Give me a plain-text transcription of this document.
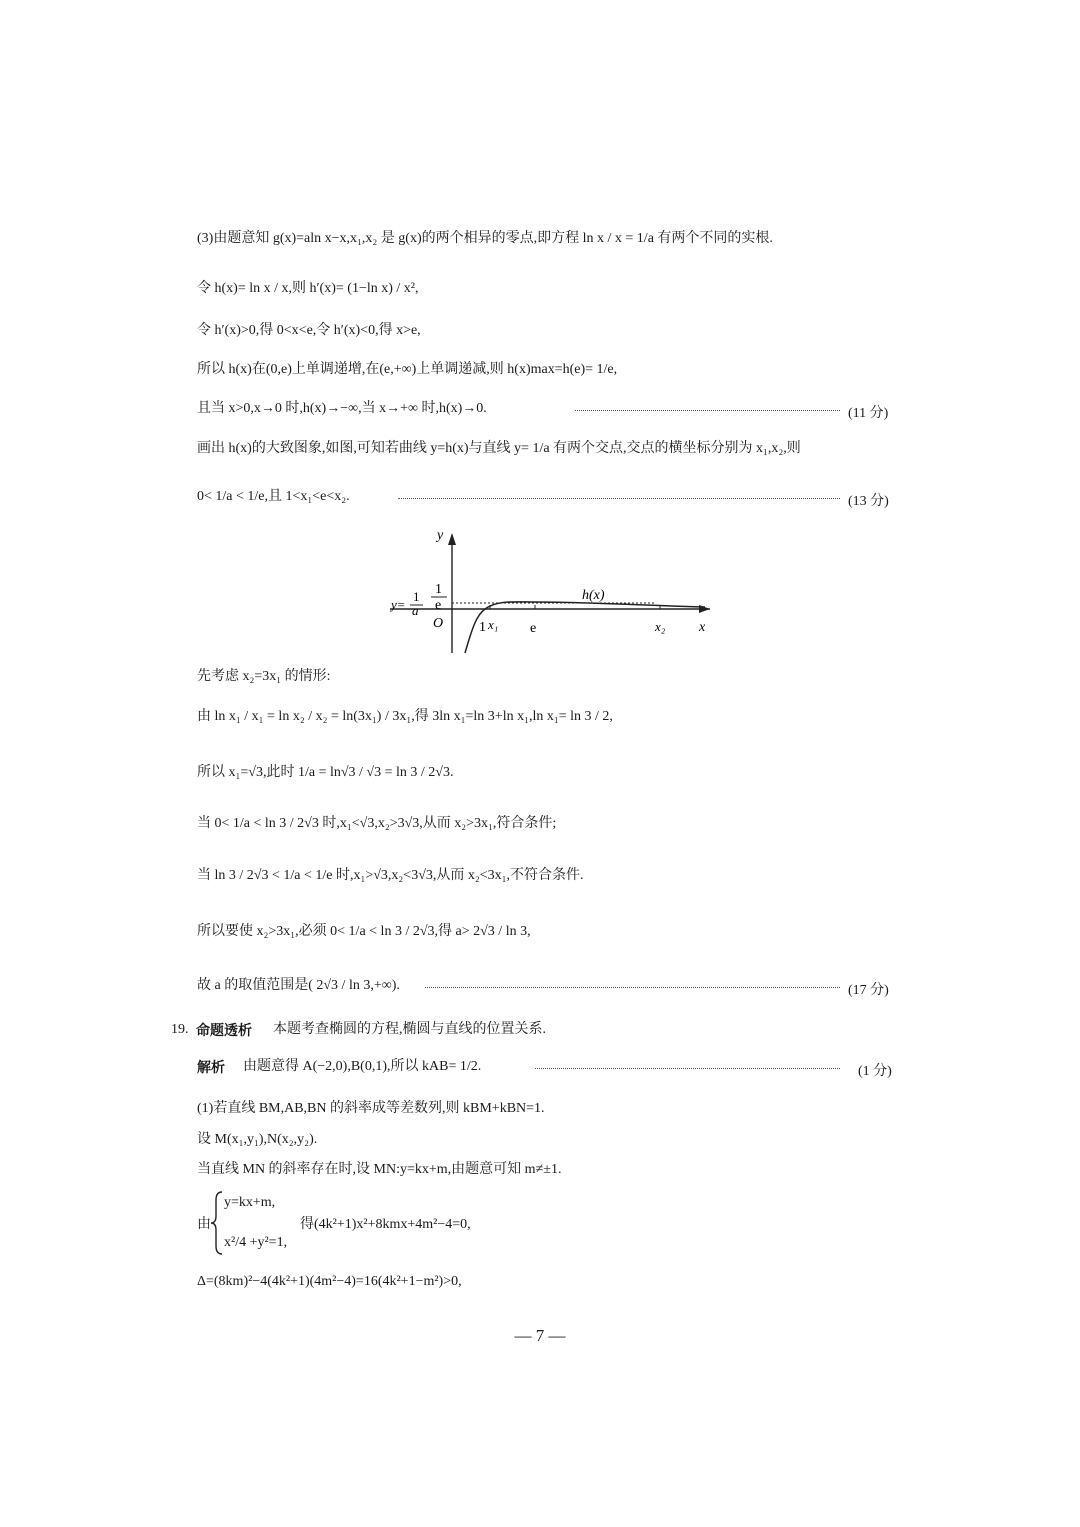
(3)由题意知 g(x)=aln x−x,x₁,x₂ 是 g(x)的两个相异的零点,即方程 ln x / x = 1/a 有两个不同的实根.
令 h(x)= ln x / x,则 h′(x)= (1−ln x) / x²,
令 h′(x)>0,得 0<x<e,令 h′(x)<0,得 x>e,
所以 h(x)在(0,e)上单调递增,在(e,+∞)上单调递减,则 h(x)max=h(e)= 1/e,
且当 x>0,x→0 时,h(x)→−∞,当 x→+∞ 时,h(x)→0.	(11 分)
画出 h(x)的大致图象,如图,可知若曲线 y=h(x)与直线 y= 1/a 有两个交点,交点的横坐标分别为 x₁,x₂,则
0< 1/a < 1/e,且 1<x₁<e<x₂.	(13 分)
y
x
O	1 x₁ e	x₂
h(x)
1
e
y=
1
a
先考虑 x₂=3x₁ 的情形:
由 ln x₁ / x₁ = ln x₂ / x₂ = ln(3x₁) / 3x₁,得 3ln x₁=ln 3+ln x₁,ln x₁= ln 3 / 2,
所以 x₁=√3,此时 1/a = ln√3 / √3 = ln 3 / 2√3.
当 0< 1/a < ln 3 / 2√3 时,x₁<√3,x₂>3√3,从而 x₂>3x₁,符合条件;
当 ln 3 / 2√3 < 1/a < 1/e 时,x₁>√3,x₂<3√3,从而 x₂<3x₁,不符合条件.
所以要使 x₂>3x₁,必须 0< 1/a < ln 3 / 2√3,得 a> 2√3 / ln 3,
故 a 的取值范围是( 2√3 / ln 3,+∞).	(17 分)
19. 命题透析 本题考查椭圆的方程,椭圆与直线的位置关系.
解析 由题意得 A(−2,0),B(0,1),所以 kAB= 1/2.	(1 分)
(1)若直线 BM,AB,BN 的斜率成等差数列,则 kBM+kBN=1.
设 M(x₁,y₁),N(x₂,y₂).
当直线 MN 的斜率存在时,设 MN:y=kx+m,由题意可知 m≠±1.
由
y=kx+m,
x²/4 +y²=1,
得(4k²+1)x²+8kmx+4m²−4=0,
Δ=(8km)²−4(4k²+1)(4m²−4)=16(4k²+1−m²)>0,
— 7 —
